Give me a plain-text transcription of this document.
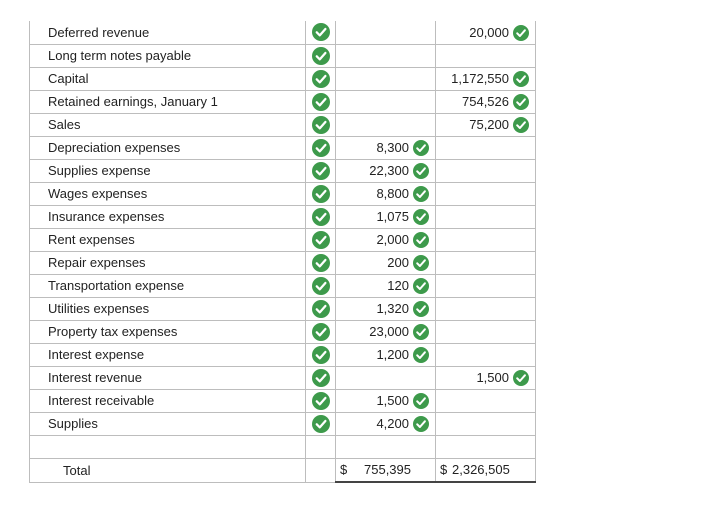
Deferred revenue			20,000
Long term notes payable			
Capital			1,172,550
Retained earnings, January 1			754,526
Sales			75,200
Depreciation expenses		8,300	
Supplies expense		22,300	
Wages expenses		8,800	
Insurance expenses		1,075	
Rent expenses		2,000	
Repair expenses		200	
Transportation expense		120	
Utilities expenses		1,320	
Property tax expenses		23,000	
Interest expense		1,200	
Interest revenue			1,500
Interest receivable		1,500	
Supplies		4,200	

Total		$ 755,395	$ 2,326,505
